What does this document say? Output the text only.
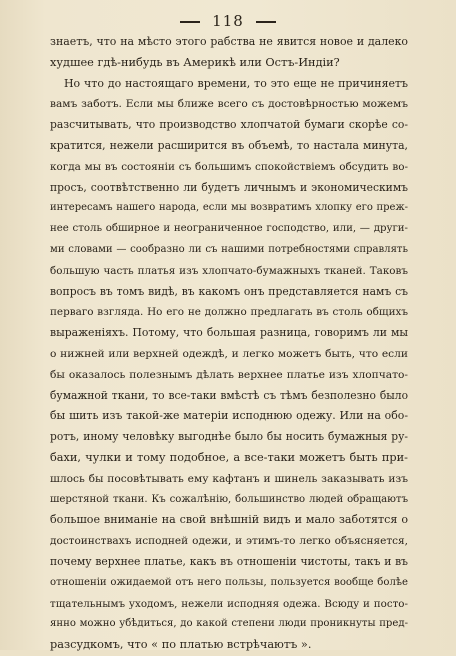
118
знаетъ, что на мѣсто этого рабства не явится новое и далеко
худшее гдѣ-нибудь въ Америкѣ или Остъ-Индіи?
Но что до настоящаго времени, то это еще не причиняетъ
вамъ заботъ. Если мы ближе всего съ достовѣрностью можемъ
разсчитывать, что производство хлопчатой бумаги скорѣе со-
кратится, нежели расширится въ объемѣ, то настала минута,
когда мы въ состояніи съ большимъ спокойствіемъ обсудить во-
просъ, соотвѣтственно ли будетъ личнымъ и экономическимъ
интересамъ нашего народа, если мы возвратимъ хлопку его преж-
нее столь обширное и неограниченное господство, или, — други-
ми словами — сообразно ли съ нашими потребностями справлять
большую часть платья изъ хлопчато-бумажныхъ тканей. Таковъ
вопросъ въ томъ видѣ, въ какомъ онъ представляется намъ съ
перваго взгляда. Но его не должно предлагать въ столь общихъ
выраженіяхъ. Потому, что большая разница, говоримъ ли мы
о нижней или верхней одеждѣ, и легко можетъ быть, что если
бы оказалось полезнымъ дѣлать верхнее платье изъ хлопчато-
бумажной ткани, то все-таки вмѣстѣ съ тѣмъ безполезно было
бы шить изъ такой-же матеріи исподнюю одежу. Или на обо-
ротъ, иному человѣку выгоднѣе было бы носить бумажныя ру-
бахи, чулки и тому подобное, а все-таки можетъ быть при-
шлось бы посовѣтывать ему кафтанъ и шинель заказывать изъ
шерстяной ткани. Къ сожалѣнію, большинство людей обращаютъ
большое вниманіе на свой внѣшній видъ и мало заботятся о
достоинствахъ исподней одежи, и этимъ-то легко объясняется,
почему верхнее платье, какъ въ отношеніи чистоты, такъ и въ
отношеніи ожидаемой отъ него пользы, пользуется вообще болѣе
тщательнымъ уходомъ, нежели исподняя одежа. Всюду и посто-
янно можно убѣдиться, до какой степени люди проникнуты пред-
разсудкомъ, что « по платью встрѣчаютъ ».
